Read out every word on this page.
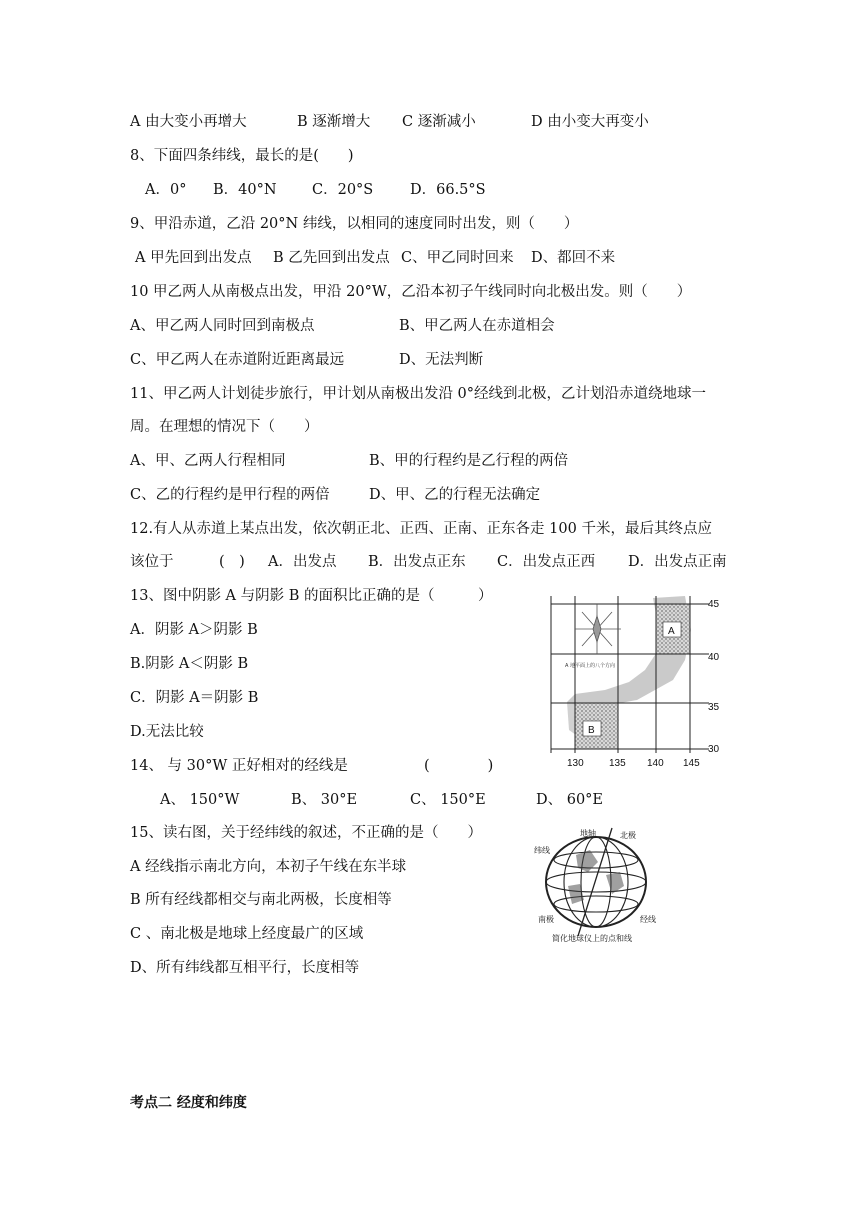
A 由大变小再增大	B 逐渐增大 C 逐渐减小	D 由小变大再变小
8、下面四条纬线，最长的是(　　)
A．0° B．40°N C．20°S	D．66.5°S
9、甲沿赤道，乙沿 20°N 纬线，以相同的速度同时出发，则（　　）
A 甲先回到出发点 B 乙先回到出发点 C、甲乙同时回来 D、都回不来
10 甲乙两人从南极点出发，甲沿 20°W，乙沿本初子午线同时向北极出发。则（　　）
A、甲乙两人同时回到南极点	B、甲乙两人在赤道相会
C、甲乙两人在赤道附近距离最远	D、无法判断
11、甲乙两人计划徒步旅行，甲计划从南极出发沿 0°经线到北极，乙计划沿赤道绕地球一
周。在理想的情况下（　　）
A、甲、乙两人行程相同	B、甲的行程约是乙行程的两倍
C、乙的行程约是甲行程的两倍	D、甲、乙的行程无法确定
12.有人从赤道上某点出发，依次朝正北、正西、正南、正东各走 100 千米，最后其终点应
该位于	(　) A．出发点 B．出发点正东 C．出发点正西 D．出发点正南
13、图中阴影 A 与阴影 B 的面积比正确的是（　　　）
A．阴影 A＞阴影 B
B.阴影 A＜阴影 B
C．阴影 A＝阴影 B
D.无法比较
A
B
A 地平面上的八个方向
45
40
35
30
130	135 140 145
14、 与 30°W 正好相对的经线是	(　　　　)
A、 150°W	B、 30°E	C、 150°E	D、 60°E
15、读右图，关于经纬线的叙述，不正确的是（　　）
A 经线指示南北方向，本初子午线在东半球
B 所有经线都相交与南北两极，长度相等
C 、南北极是地球上经度最广的区域
D、所有纬线都互相平行，长度相等
地轴	北极
纬线
南极	经线
简化地球仪上的点和线
考点二 经度和纬度
